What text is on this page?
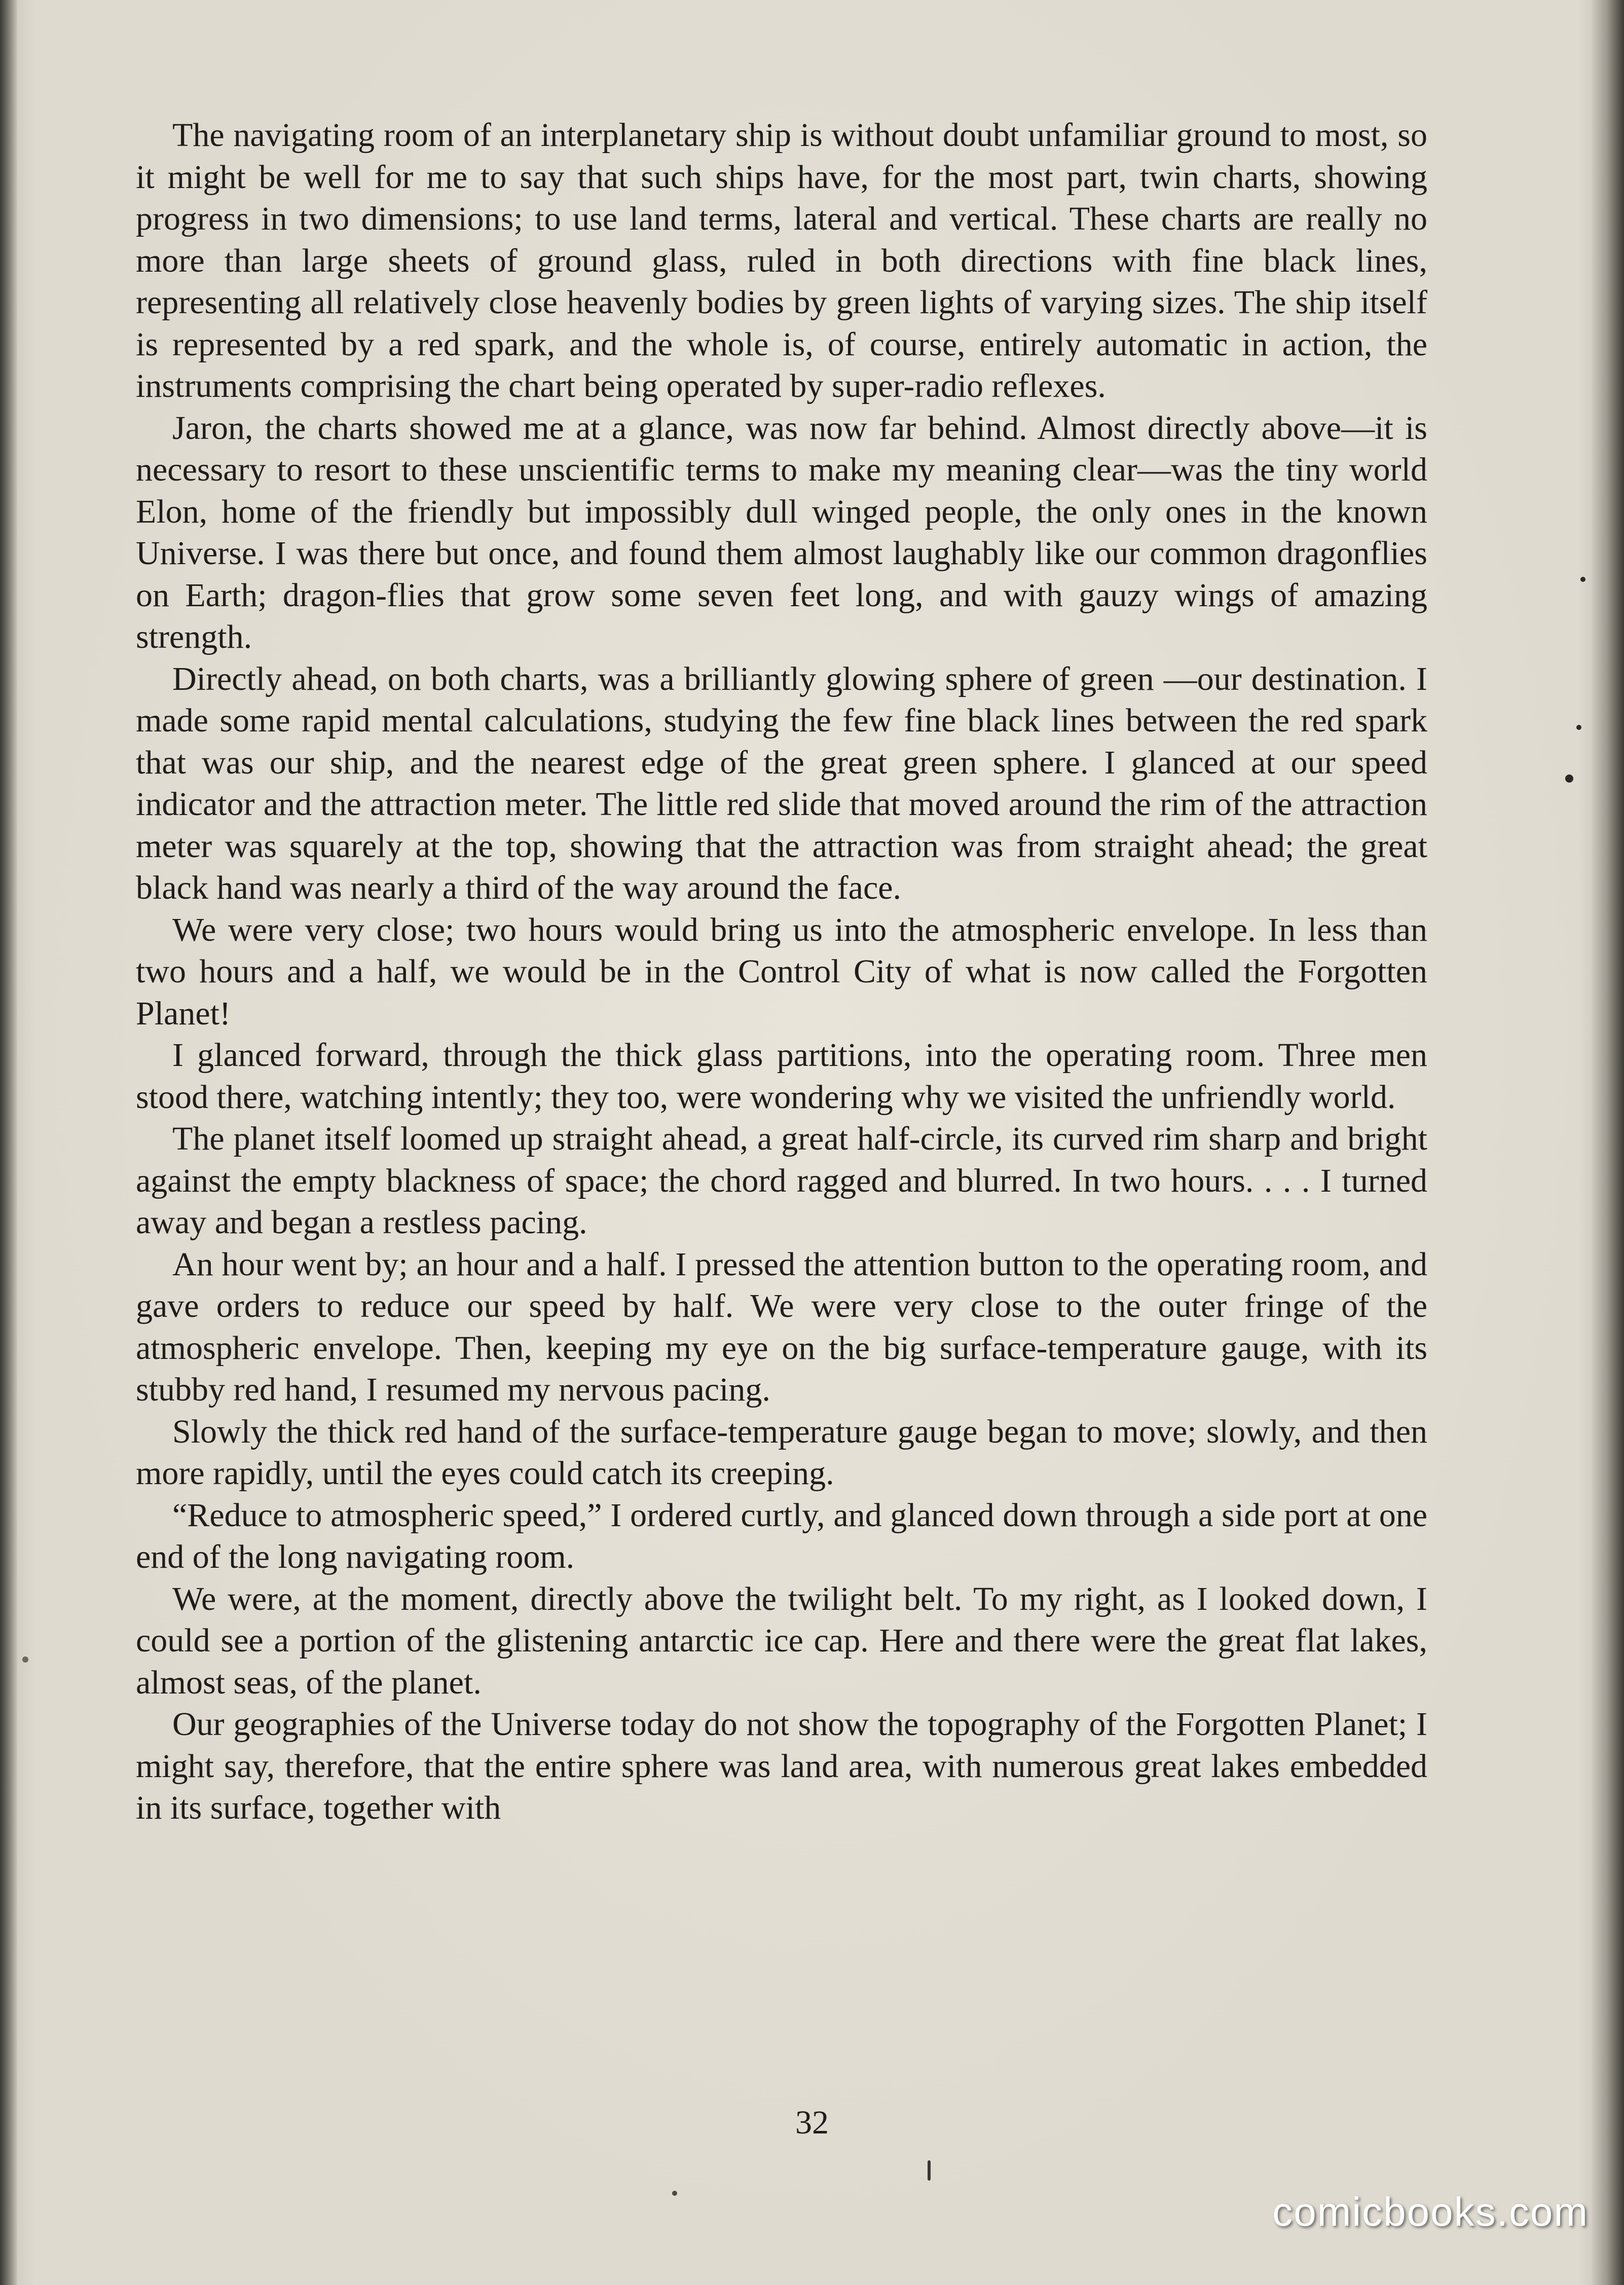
The navigating room of an interplanetary ship is without doubt unfamiliar ground to most, so it might be well for me to say that such ships have, for the most part, twin charts, showing progress in two dimensions; to use land terms, lateral and vertical. These charts are really no more than large sheets of ground glass, ruled in both directions with fine black lines, representing all relatively close heavenly bodies by green lights of varying sizes. The ship itself is represented by a red spark, and the whole is, of course, entirely automatic in action, the instruments comprising the chart being operated by super-radio reflexes.

Jaron, the charts showed me at a glance, was now far behind. Almost directly above—it is necessary to resort to these unscientific terms to make my meaning clear—was the tiny world Elon, home of the friendly but impossibly dull winged people, the only ones in the known Universe. I was there but once, and found them almost laughably like our common dragonflies on Earth; dragon-flies that grow some seven feet long, and with gauzy wings of amazing strength.

Directly ahead, on both charts, was a brilliantly glowing sphere of green —our destination. I made some rapid mental calculations, studying the few fine black lines between the red spark that was our ship, and the nearest edge of the great green sphere. I glanced at our speed indicator and the attraction meter. The little red slide that moved around the rim of the attraction meter was squarely at the top, showing that the attraction was from straight ahead; the great black hand was nearly a third of the way around the face.

We were very close; two hours would bring us into the atmospheric envelope. In less than two hours and a half, we would be in the Control City of what is now called the Forgotten Planet!

I glanced forward, through the thick glass partitions, into the operating room. Three men stood there, watching intently; they too, were wondering why we visited the unfriendly world.

The planet itself loomed up straight ahead, a great half-circle, its curved rim sharp and bright against the empty blackness of space; the chord ragged and blurred. In two hours. . . . I turned away and began a restless pacing.

An hour went by; an hour and a half. I pressed the attention button to the operating room, and gave orders to reduce our speed by half. We were very close to the outer fringe of the atmospheric envelope. Then, keeping my eye on the big surface-temperature gauge, with its stubby red hand, I resumed my nervous pacing.

Slowly the thick red hand of the surface-temperature gauge began to move; slowly, and then more rapidly, until the eyes could catch its creeping.

“Reduce to atmospheric speed,” I ordered curtly, and glanced down through a side port at one end of the long navigating room.

We were, at the moment, directly above the twilight belt. To my right, as I looked down, I could see a portion of the glistening antarctic ice cap. Here and there were the great flat lakes, almost seas, of the planet.

Our geographies of the Universe today do not show the topography of the Forgotten Planet; I might say, therefore, that the entire sphere was land area, with numerous great lakes embedded in its surface, together with

32
comicbooks.com
